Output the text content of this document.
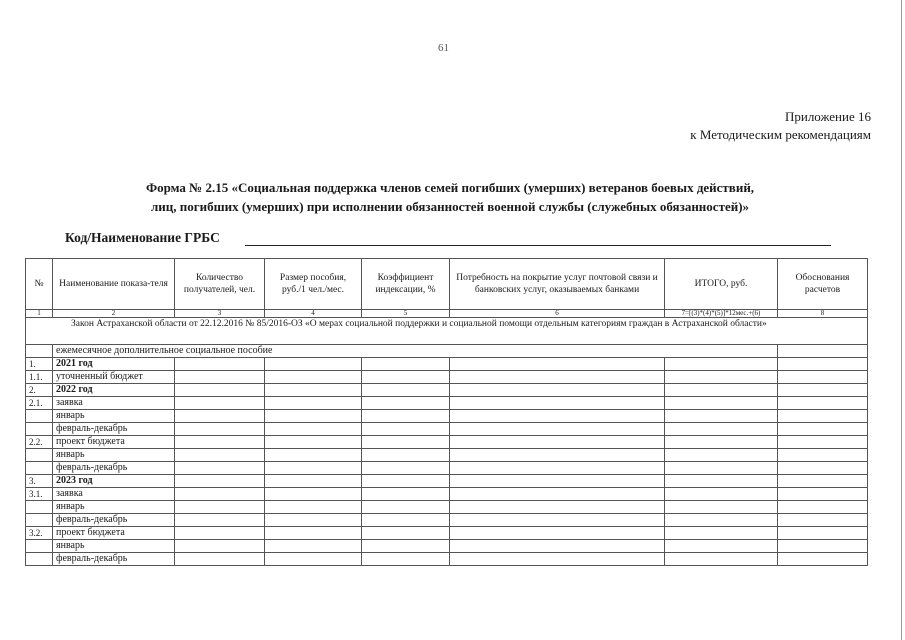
61
Приложение 16
к Методическим рекомендациям
Форма № 2.15 «Социальная поддержка членов семей погибших (умерших) ветеранов боевых действий,
лиц, погибших (умерших) при исполнении обязанностей военной службы (служебных обязанностей)»
Код/Наименование ГРБС
№	Наименование показа-теля	Количество получателей, чел.	Размер пособия, руб./1 чел./мес.	Коэффициент индексации, %	Потребность на покрытие услуг почтовой связи и банковских услуг, оказываемых банками	ИТОГО, руб.	Обоснования расчетов
1	2	3	4	5	6	7=[(3)*(4)*(5)]*12мес.+(6)	8
Закон Астраханской области от 22.12.2016 № 85/2016-ОЗ «О мерах социальной поддержки и социальной помощи отдельным категориям граждан в Астраханской области»							
	ежемесячное дополнительное социальное пособие						
1.	2021 год						
1.1.	уточненный бюджет						
2.	2022 год						
2.1.	заявка						
	январь						
	февраль-декабрь						
2.2.	проект бюджета						
	январь						
	февраль-декабрь						
3.	2023 год						
3.1.	заявка						
	январь						
	февраль-декабрь						
3.2.	проект бюджета						
	январь						
	февраль-декабрь						
